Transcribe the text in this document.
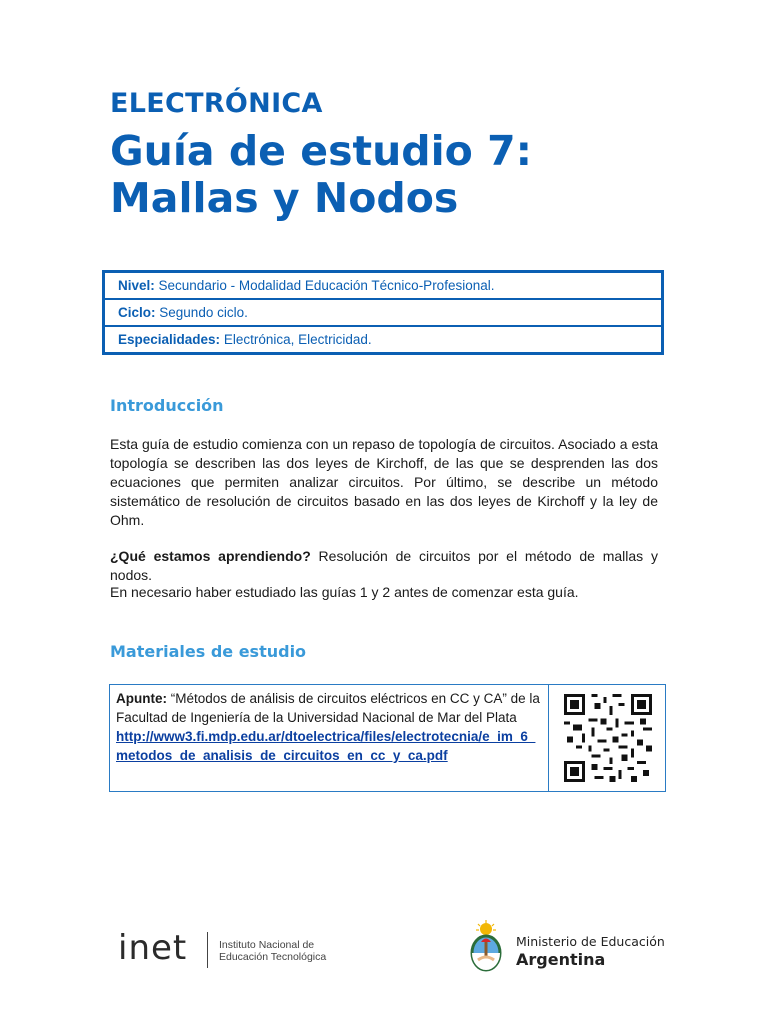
ELECTRÓNICA
Guía de estudio 7:
Mallas y Nodos
Nivel: Secundario - Modalidad Educación Técnico-Profesional.
Ciclo: Segundo ciclo.
Especialidades: Electrónica, Electricidad.
Introducción
Esta guía de estudio comienza con un repaso de topología de circuitos. Asociado a esta topología se describen las dos leyes de Kirchoff, de las que se desprenden las dos ecuaciones que permiten analizar circuitos. Por último, se describe un método sistemático de resolución de circuitos basado en las dos leyes de Kirchoff y la ley de Ohm.
¿Qué estamos aprendiendo? Resolución de circuitos por el método de mallas y nodos.
En necesario haber estudiado las guías 1 y 2 antes de comenzar esta guía.
Materiales de estudio
Apunte: “Métodos de análisis de circuitos eléctricos en CC y CA” de la Facultad de Ingeniería de la Universidad Nacional de Mar del Plata
http://www3.fi.mdp.edu.ar/dtoelectrica/files/electrotecnia/e_im_6_metodos_de_analisis_de_circuitos_en_cc_y_ca.pdf
inet	Instituto Nacional de
Educación Tecnológica
Ministerio de Educación
Argentina
